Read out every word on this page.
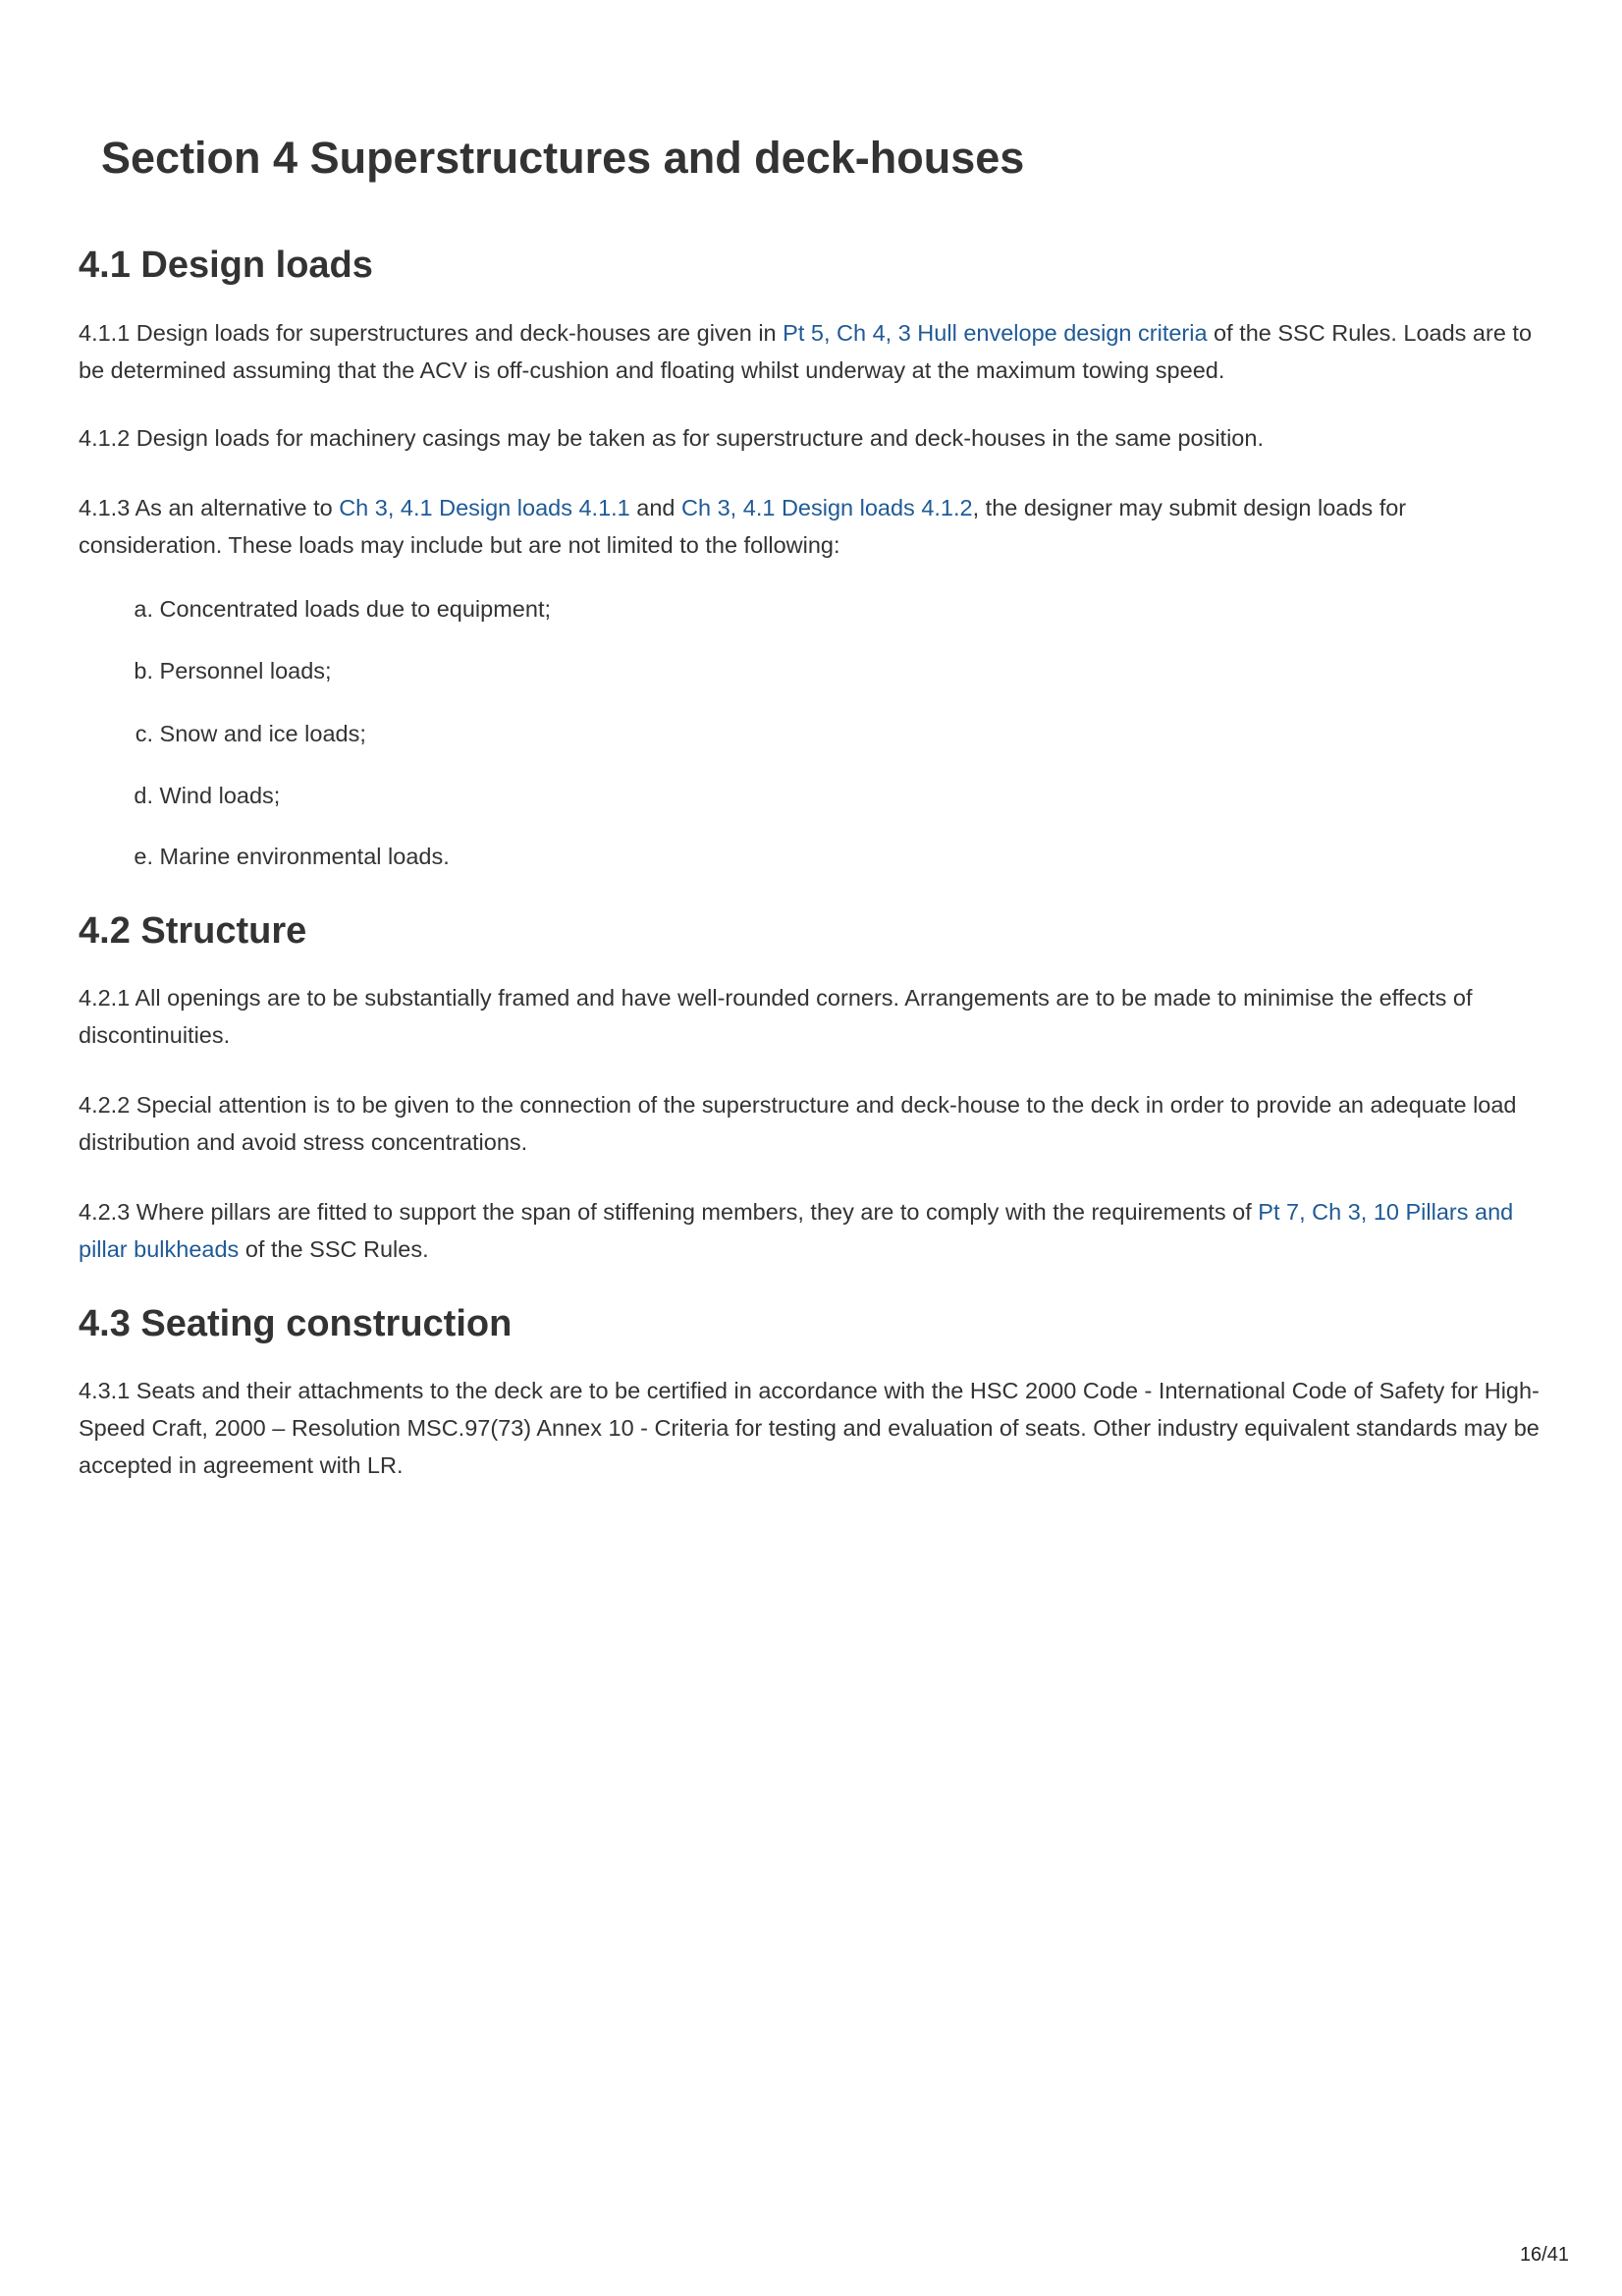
Section 4 Superstructures and deck-houses
4.1 Design loads

4.1.1 Design loads for superstructures and deck-houses are given in Pt 5, Ch 4, 3 Hull envelope design criteria of the SSC Rules. Loads are to be determined assuming that the ACV is off-cushion and floating whilst underway at the maximum towing speed.

4.1.2 Design loads for machinery casings may be taken as for superstructure and deck-houses in the same position.

4.1.3 As an alternative to Ch 3, 4.1 Design loads 4.1.1 and Ch 3, 4.1 Design loads 4.1.2, the designer may submit design loads for consideration. These loads may include but are not limited to the following:

a. Concentrated loads due to equipment;
b. Personnel loads;
c. Snow and ice loads;
d. Wind loads;
e. Marine environmental loads.
4.2 Structure

4.2.1 All openings are to be substantially framed and have well-rounded corners. Arrangements are to be made to minimise the effects of discontinuities.

4.2.2 Special attention is to be given to the connection of the superstructure and deck-house to the deck in order to provide an adequate load distribution and avoid stress concentrations.

4.2.3 Where pillars are fitted to support the span of stiffening members, they are to comply with the requirements of Pt 7, Ch 3, 10 Pillars and pillar bulkheads of the SSC Rules.

4.3 Seating construction

4.3.1 Seats and their attachments to the deck are to be certified in accordance with the HSC 2000 Code - International Code of Safety for High-Speed Craft, 2000 – Resolution MSC.97(73) Annex 10 - Criteria for testing and evaluation of seats. Other industry equivalent standards may be accepted in agreement with LR.

16/41
